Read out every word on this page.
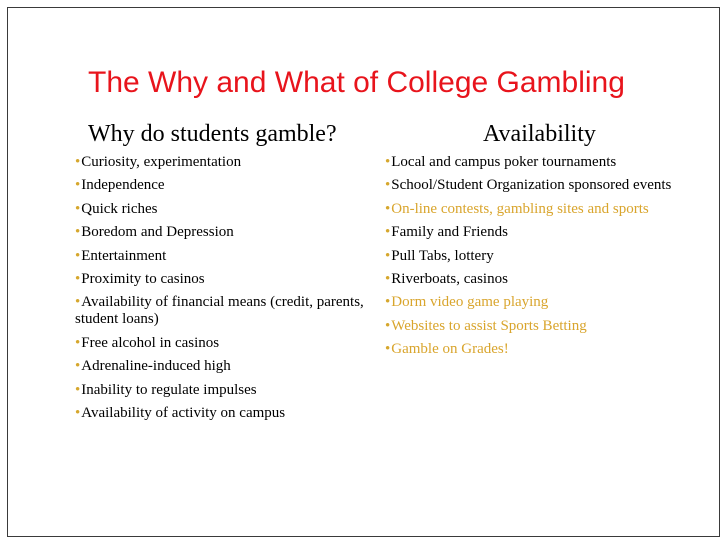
The Why and What of College Gambling
Why do students gamble?	Availability
•Curiosity, experimentation
•Independence
•Quick riches
•Boredom and Depression
•Entertainment
•Proximity to casinos
•Availability of financial means (credit, parents, student loans)
•Free alcohol in casinos
•Adrenaline-induced high
•Inability to regulate impulses
•Availability of activity on campus
•Local and campus poker tournaments
•School/Student Organization sponsored events
•On-line contests, gambling sites and sports
•Family and Friends
•Pull Tabs, lottery
•Riverboats, casinos
•Dorm video game playing
•Websites to assist Sports Betting
•Gamble on Grades!
